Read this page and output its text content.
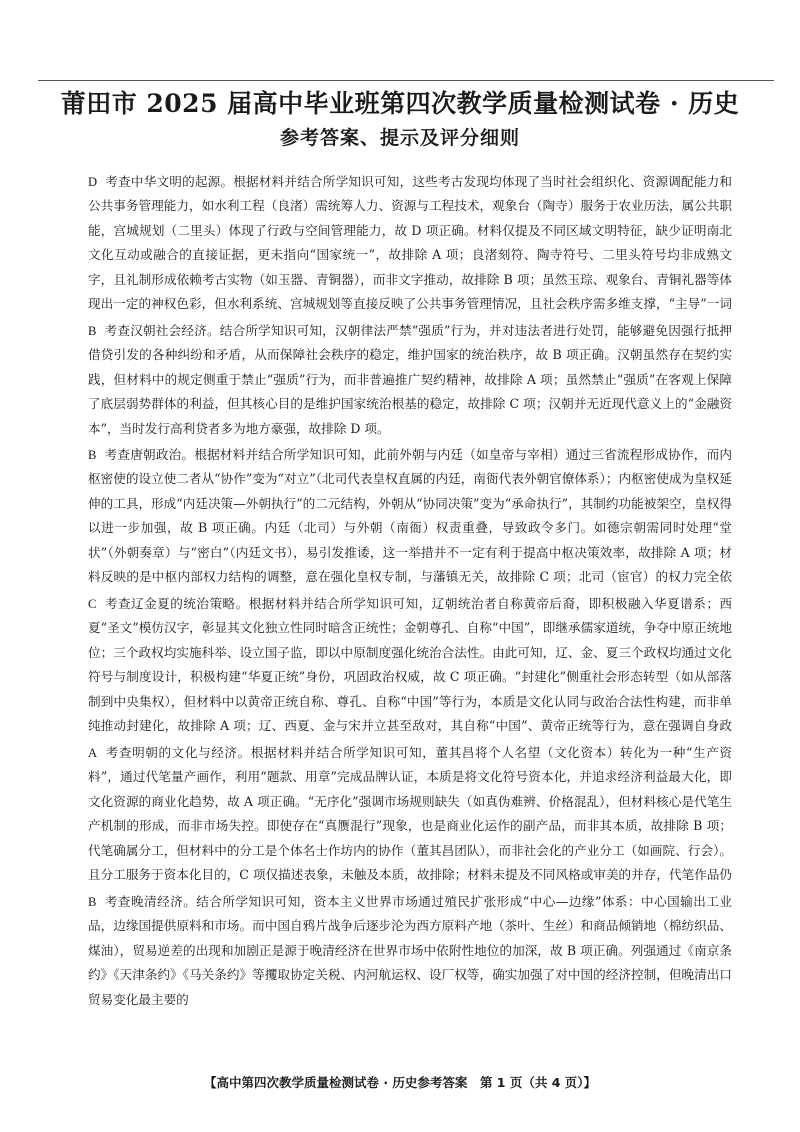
莆田市 2025 届高中毕业班第四次教学质量检测试卷 · 历史
参考答案、提示及评分细则
D 考查中华文明的起源。根据材料并结合所学知识可知，这些考古发现均体现了当时社会组织化、资源调配能力和公共事务管理能力，如水利工程（良渚）需统筹人力、资源与工程技术，观象台（陶寺）服务于农业历法，属公共职能，宫城规划（二里头）体现了行政与空间管理能力，故 D 项正确。材料仅提及不同区域文明特征，缺少证明南北文化互动或融合的直接证据，更未指向“国家统一”，故排除 A 项；良渚刻符、陶寺符号、二里头符号均非成熟文字，且礼制形成依赖考古实物（如玉器、青铜器），而非文字推动，故排除 B 项；虽然玉琮、观象台、青铜礼器等体现出一定的神权色彩，但水利系统、宫城规划等直接反映了公共事务管理情况，且社会秩序需多维支撑，“主导”一词
B 考查汉朝社会经济。结合所学知识可知，汉朝律法严禁“强质”行为，并对违法者进行处罚，能够避免因强行抵押借贷引发的各种纠纷和矛盾，从而保障社会秩序的稳定，维护国家的统治秩序，故 B 项正确。汉朝虽然存在契约实践，但材料中的规定侧重于禁止“强质”行为，而非普遍推广契约精神，故排除 A 项；虽然禁止“强质”在客观上保障了底层弱势群体的利益，但其核心目的是维护国家统治根基的稳定，故排除 C 项；汉朝并无近现代意义上的“金融资本”，当时发行高利贷者多为地方豪强，故排除 D 项。
B 考查唐朝政治。根据材料并结合所学知识可知，此前外朝与内廷（如皇帝与宰相）通过三省流程形成协作，而内枢密使的设立使二者从“协作”变为“对立”（北司代表皇权直属的内廷，南衙代表外朝官僚体系）；内枢密使成为皇权延伸的工具，形成“内廷决策—外朝执行”的二元结构，外朝从“协同决策”变为“承命执行”，其制约功能被架空，皇权得以进一步加强，故 B 项正确。内廷（北司）与外朝（南衙）权责重叠，导致政令多门。如德宗朝需同时处理“堂状”（外朝奏章）与“密白”（内廷文书），易引发推诿，这一举措并不一定有利于提高中枢决策效率，故排除 A 项；材料反映的是中枢内部权力结构的调整，意在强化皇权专制，与藩镇无关，故排除 C 项；北司（宦官）的权力完全依
C 考查辽金夏的统治策略。根据材料并结合所学知识可知，辽朝统治者自称黄帝后裔，即积极融入华夏谱系；西夏“圣文”模仿汉字，彰显其文化独立性同时暗含正统性；金朝尊孔、自称“中国”，即继承儒家道统，争夺中原正统地位；三个政权均实施科举、设立国子监，即以中原制度强化统治合法性。由此可知，辽、金、夏三个政权均通过文化符号与制度设计，积极构建“华夏正统”身份，巩固政治权威，故 C 项正确。“封建化”侧重社会形态转型（如从部落制到中央集权），但材料中以黄帝正统自称、尊孔、自称“中国”等行为，本质是文化认同与政治合法性构建，而非单纯推动封建化，故排除 A 项；辽、西夏、金与宋并立甚至敌对，其自称“中国”、黄帝正统等行为，意在强调自身政
A 考查明朝的文化与经济。根据材料并结合所学知识可知，董其昌将个人名望（文化资本）转化为一种“生产资料”，通过代笔量产画作，利用“题款、用章”完成品牌认证，本质是将文化符号资本化，并追求经济利益最大化，即文化资源的商业化趋势，故 A 项正确。“无序化”强调市场规则缺失（如真伪难辨、价格混乱），但材料核心是代笔生产机制的形成，而非市场失控。即使存在“真赝混行”现象，也是商业化运作的副产品，而非其本质，故排除 B 项；代笔确属分工，但材料中的分工是个体名士作坊内的协作（董其昌团队），而非社会化的产业分工（如画院、行会）。且分工服务于资本化目的，C 项仅描述表象，未触及本质，故排除；材料未提及不同风格或审美的并存，代笔作品仍
B 考查晚清经济。结合所学知识可知，资本主义世界市场通过殖民扩张形成“中心—边缘”体系：中心国输出工业品，边缘国提供原料和市场。而中国自鸦片战争后逐步沦为西方原料产地（茶叶、生丝）和商品倾销地（棉纺织品、煤油），贸易逆差的出现和加剧正是源于晚清经济在世界市场中依附性地位的加深，故 B 项正确。列强通过《南京条约》《天津条约》《马关条约》等攫取协定关税、内河航运权、设厂权等，确实加强了对中国的经济控制，但晚清出口贸易变化最主要的
【高中第四次教学质量检测试卷 · 历史参考答案　第 1 页（共 4 页）】
